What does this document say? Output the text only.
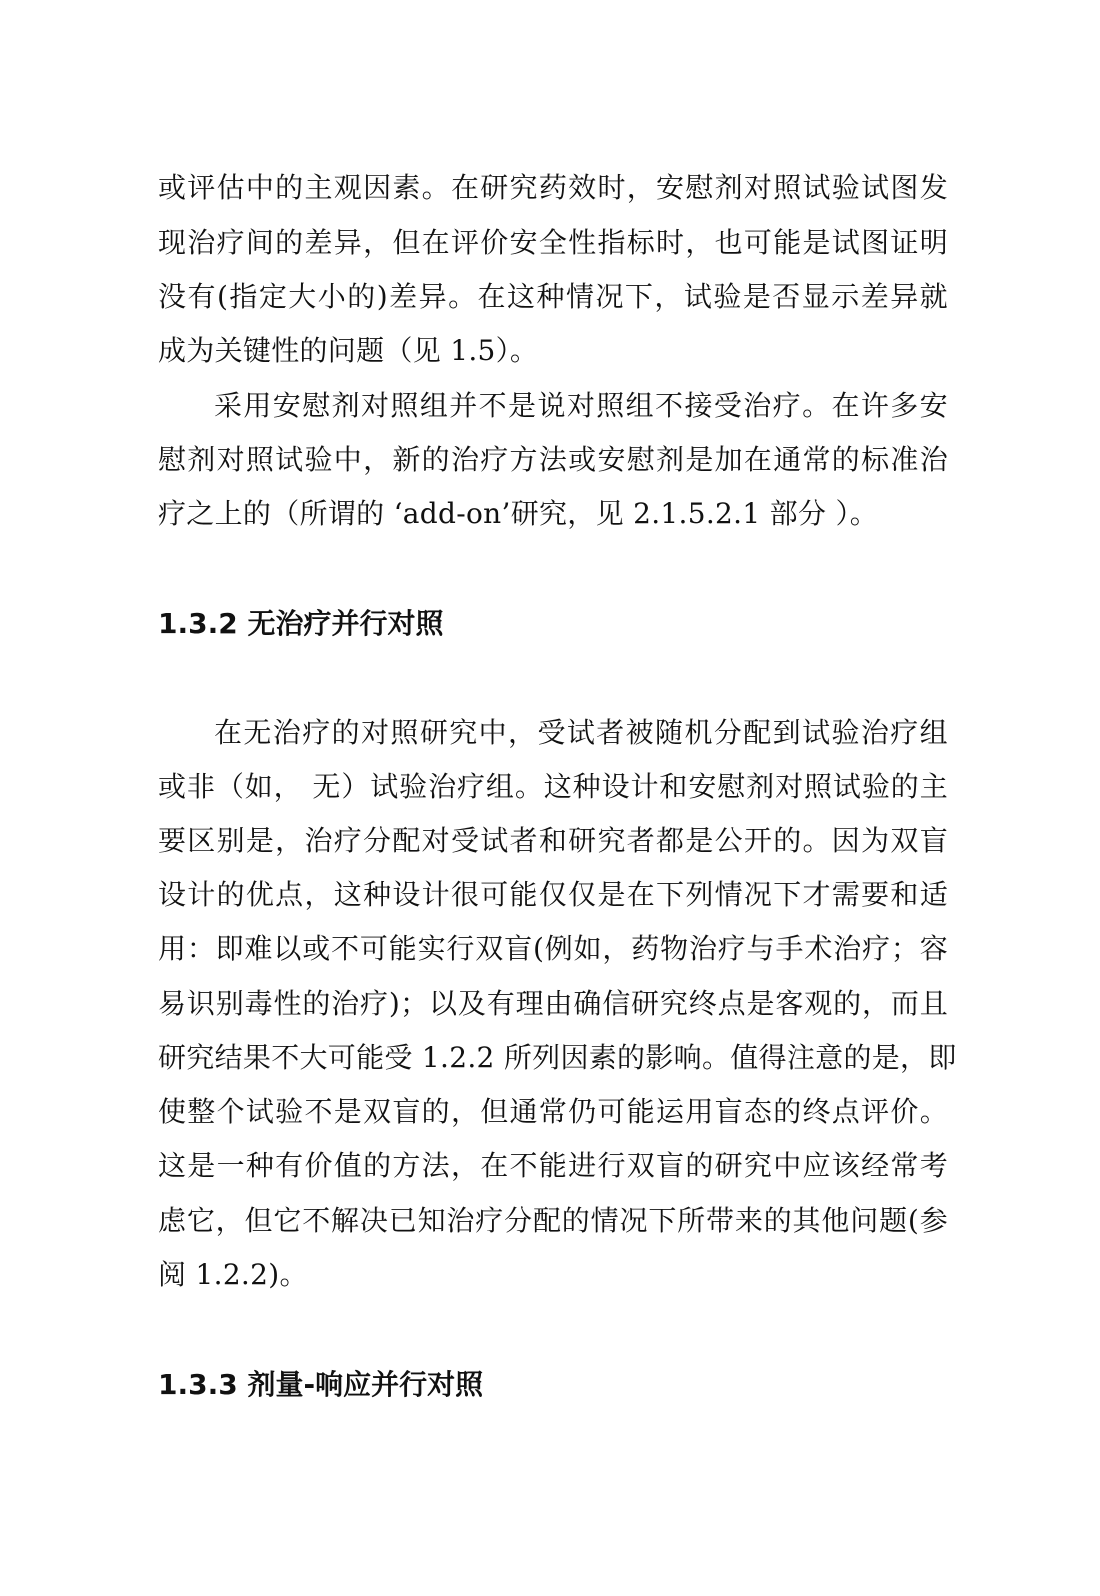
或评估中的主观因素。在研究药效时，安慰剂对照试验试图发
现治疗间的差异，但在评价安全性指标时，也可能是试图证明
没有(指定大小的)差异。在这种情况下，试验是否显示差异就
成为关键性的问题（见 1.5）。
采用安慰剂对照组并不是说对照组不接受治疗。在许多安
慰剂对照试验中，新的治疗方法或安慰剂是加在通常的标准治
疗之上的（所谓的 ‘add-on’研究，见 2.1.5.2.1 部分 ）。
1.3.2 无治疗并行对照
在无治疗的对照研究中，受试者被随机分配到试验治疗组
或非（如， 无）试验治疗组。这种设计和安慰剂对照试验的主
要区别是，治疗分配对受试者和研究者都是公开的。因为双盲
设计的优点，这种设计很可能仅仅是在下列情况下才需要和适
用：即难以或不可能实行双盲(例如，药物治疗与手术治疗；容
易识别毒性的治疗)；以及有理由确信研究终点是客观的，而且
研究结果不大可能受 1.2.2 所列因素的影响。值得注意的是，即
使整个试验不是双盲的，但通常仍可能运用盲态的终点评价。
这是一种有价值的方法，在不能进行双盲的研究中应该经常考
虑它，但它不解决已知治疗分配的情况下所带来的其他问题(参
阅 1.2.2)。
1.3.3 剂量-响应并行对照
